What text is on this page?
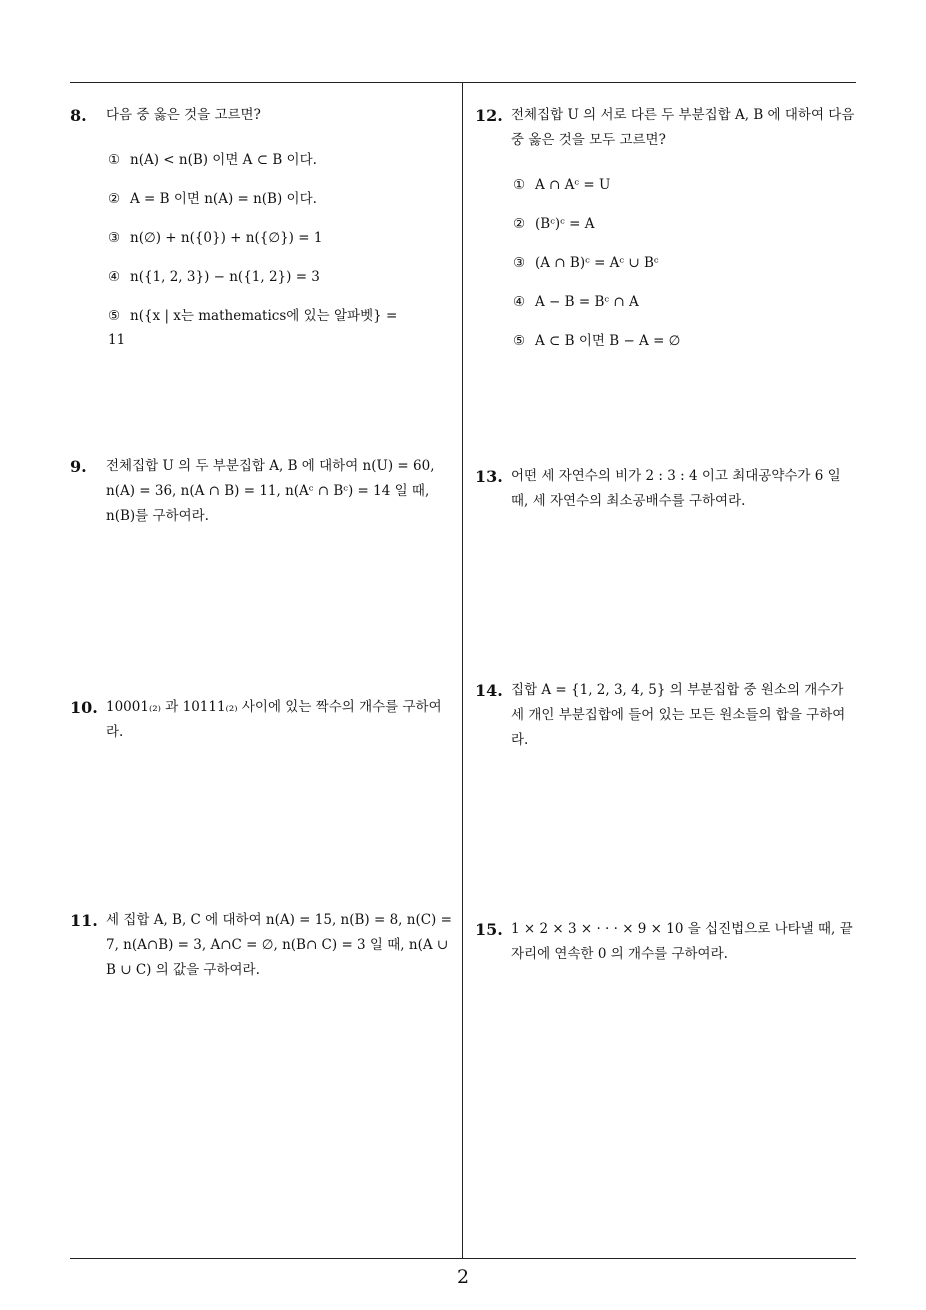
8. 다음 중 옳은 것을 고르면?
① n(A) < n(B) 이면 A ⊂ B 이다.
② A = B 이면 n(A) = n(B) 이다.
③ n(∅) + n({0}) + n({∅}) = 1
④ n({1, 2, 3}) − n({1, 2}) = 3
⑤ n({x | x는 mathematics에 있는 알파벳} = 11
9. 전체집합 U 의 두 부분집합 A, B 에 대하여 n(U) = 60, n(A) = 36, n(A ∩ B) = 11, n(Aᶜ ∩ Bᶜ) = 14 일 때, n(B)를 구하여라.
10. 10001₍₂₎ 과 10111₍₂₎ 사이에 있는 짝수의 개수를 구하여라.
11. 세 집합 A, B, C 에 대하여 n(A) = 15, n(B) = 8, n(C) = 7, n(A∩B) = 3, A∩C = ∅, n(B∩ C) = 3 일 때, n(A ∪ B ∪ C) 의 값을 구하여라.
12. 전체집합 U 의 서로 다른 두 부분집합 A, B 에 대하여 다음 중 옳은 것을 모두 고르면?
① A ∩ Aᶜ = U
② (Bᶜ)ᶜ = A
③ (A ∩ B)ᶜ = Aᶜ ∪ Bᶜ
④ A − B = Bᶜ ∩ A
⑤ A ⊂ B 이면 B − A = ∅
13. 어떤 세 자연수의 비가 2 : 3 : 4 이고 최대공약수가 6 일 때, 세 자연수의 최소공배수를 구하여라.
14. 집합 A = {1, 2, 3, 4, 5} 의 부분집합 중 원소의 개수가 세 개인 부분집합에 들어 있는 모든 원소들의 합을 구하여라.
15. 1 × 2 × 3 × · · · × 9 × 10 을 십진법으로 나타낼 때, 끝자리에 연속한 0 의 개수를 구하여라.
2
